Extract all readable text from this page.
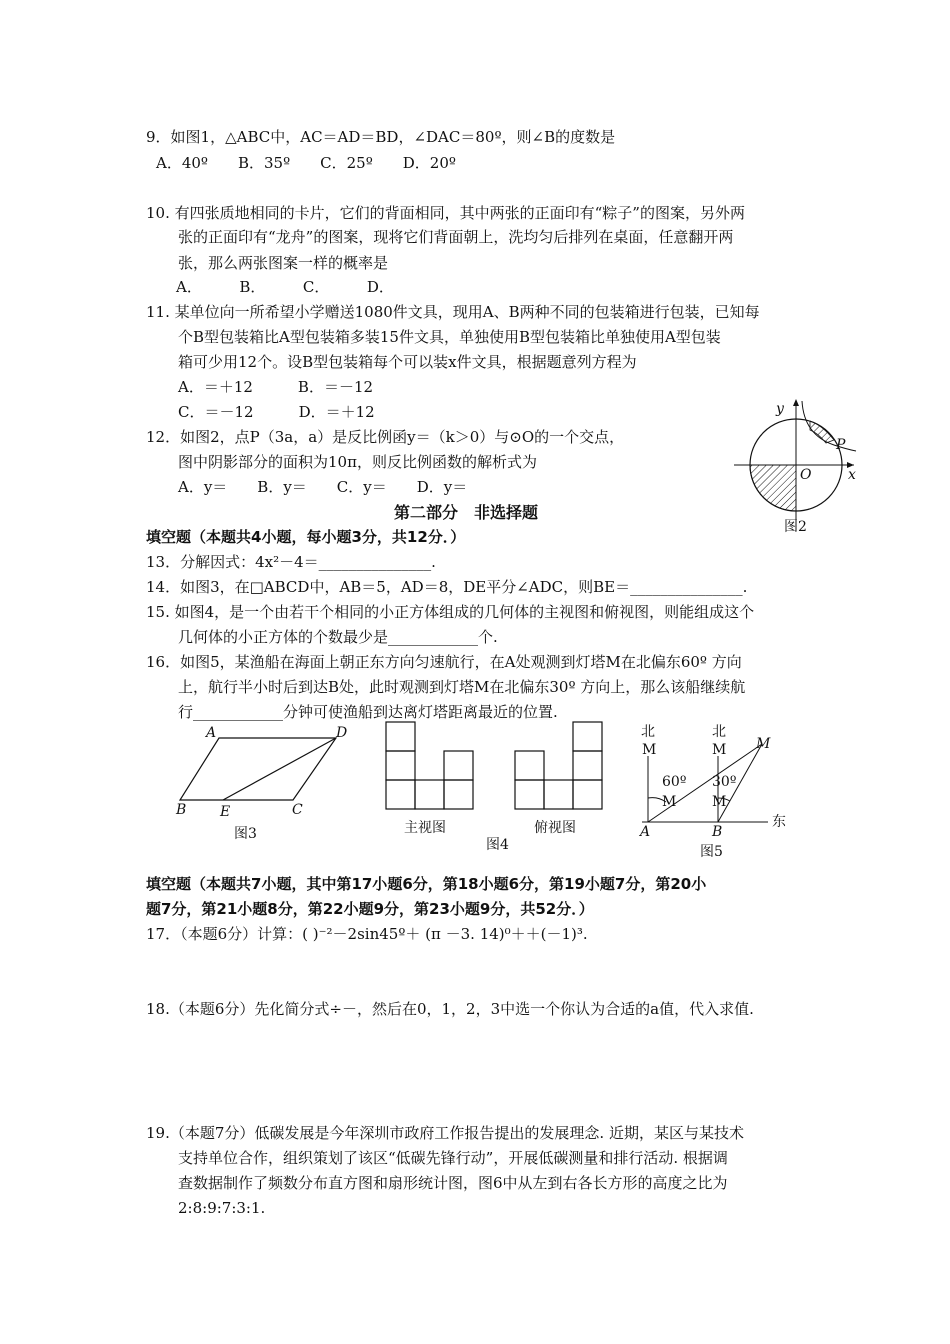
9．如图1，△ABC中，AC＝AD＝BD，∠DAC＝80º，则∠B的度数是
A．40º　　B．35º　　C．25º　　D．20º
10. 有四张质地相同的卡片，它们的背面相同，其中两张的正面印有“粽子”的图案，另外两
张的正面印有“龙舟”的图案，现将它们背面朝上，洗均匀后排列在桌面，任意翻开两
张，那么两张图案一样的概率是
A．　　　B．　　　C．　　　D．
11. 某单位向一所希望小学赠送1080件文具，现用A、B两种不同的包装箱进行包装，已知每
个B型包装箱比A型包装箱多装15件文具，单独使用B型包装箱比单独使用A型包装
箱可少用12个。设B型包装箱每个可以装x件文具，根据题意列方程为
A．＝＋12　　　B．＝－12
C．＝－12　　　D．＝＋12
12．如图2，点P（3a，a）是反比例函y＝（k＞0）与⊙O的一个交点，
图中阴影部分的面积为10π，则反比例函数的解析式为
A．y＝　　B．y＝　　C．y＝　　D．y＝
y
x
O
P
图2
第二部分　非选择题
填空题（本题共4小题，每小题3分，共12分．）
13．分解因式：4x²－4＝_______________.
14．如图3，在□ABCD中，AB＝5，AD＝8，DE平分∠ADC，则BE＝_______________.
15. 如图4，是一个由若干个相同的小正方体组成的几何体的主视图和俯视图，则能组成这个
几何体的小正方体的个数最少是____________个.
16．如图5，某渔船在海面上朝正东方向匀速航行，在A处观测到灯塔M在北偏东60º 方向
上，航行半小时后到达B处，此时观测到灯塔M在北偏东30º 方向上，那么该船继续航
行____________分钟可使渔船到达离灯塔距离最近的位置.
A	D
B E	C
图3	主视图	俯视图
图4
北
M
北
M M
60º
M
30º
M
A	B
东
图5
填空题（本题共7小题，其中第17小题6分，第18小题6分，第19小题7分，第20小
题7分，第21小题8分，第22小题9分，第23小题9分，共52分．）
17．（本题6分）计算：( )⁻²－2sin45º＋ (π －3. 14)⁰＋＋(－1)³.
18.（本题6分）先化简分式÷－，然后在0，1，2，3中选一个你认为合适的a值，代入求值.
19.（本题7分）低碳发展是今年深圳市政府工作报告提出的发展理念. 近期，某区与某技术
支持单位合作，组织策划了该区“低碳先锋行动”，开展低碳测量和排行活动. 根据调
查数据制作了频数分布直方图和扇形统计图，图6中从左到右各长方形的高度之比为
2:8:9:7:3:1.
